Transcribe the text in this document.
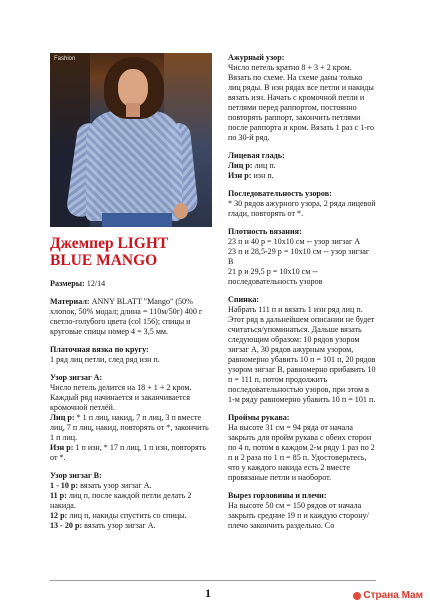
Fashion
Джемпер LIGHT
BLUE MANGO

Размеры: 12/14

Материал: ANNY BLATT "Mango" (50% хлопок, 50% модал; длина = 110м/50г) 400 г светло-голубого цвета (col 156); спицы и круговые спицы номер 4 = 3,5 мм.

Платочная вязка по кругу:

1 ряд лиц петли, след ряд изн п.

Узор зигзаг А:

Число петель делится на 18 + 1 + 2 кром. Каждый ряд начинается и заканчивается кромочной петлёй.

Лиц р: * 1 п лиц, накид, 7 п лиц, 3 п вместе лиц, 7 п лиц, накид, повторять от *, закончить 1 п лиц.

Изн р: 1 п изн, * 17 п лиц, 1 п изн, повторять от *.

Узор зигзаг В:

1 - 10 р: вязать узор зигзаг А.

11 р: лиц п, после каждой петли делать 2 накида.

12 р: лиц п, накиды спустить со спицы.

13 - 20 р: вязать узор зигзаг А.

Ажурный узор:

Число петель кратно 8 + 3 + 2 кром. Вязать по схеме. На схеме даны только лиц ряды. В изн рядах все петли и накиды вязать изн. Начать с кромочной петли и петлями перед раппортом, постоянно повторять раппорт, закончить петлями после раппорта и кром. Вязать 1 раз с 1-го по 30-й ряд.

Лицевая гладь:

Лиц р: лиц п.

Изн р: изн п.

Последовательность узоров:

* 30 рядов ажурного узора, 2 ряда лицевой глади, повторять от *.

Плотность вязания:

23 п и 40 р = 10х10 см -- узор зигзаг А

23 п и 28,5-29 р = 10х10 см -- узор зигзаг В

21 р и 29,5 р = 10х10 см -- последовательность узоров

Спинка:

Набрать 111 п и вязать 1 изн ряд лиц п. Этот ряд в дальнейшем описании не будет считаться/упоминаться. Дальше вязать следующим образом: 10 рядов узором зигзаг А, 30 рядов ажурным узором, равномерно убавить 10 п = 101 п, 20 рядов узором зигзаг В, равномерно прибавить 10 п = 111 п, потом продолжить последовательностью узоров, при этом в 1-м ряду равномерно убавить 10 п = 101 п.

Проймы рукава:

На высоте 31 см = 94 ряда от начала закрыть для пройм рукава с обеих сторон по 4 п, потом в каждом 2-м ряду 1 раз по 2 п и 2 раза по 1 п = 85 п. Удостоверьтесь, что у каждого накида есть 2 вместе провязаные петли и наоборот.

Вырез горловины и плечи:

На высоте 50 см = 150 рядов от начала закрыть средние 19 п и каждую сторону/плечо закончить раздельно. Со

1	Страна Мам
